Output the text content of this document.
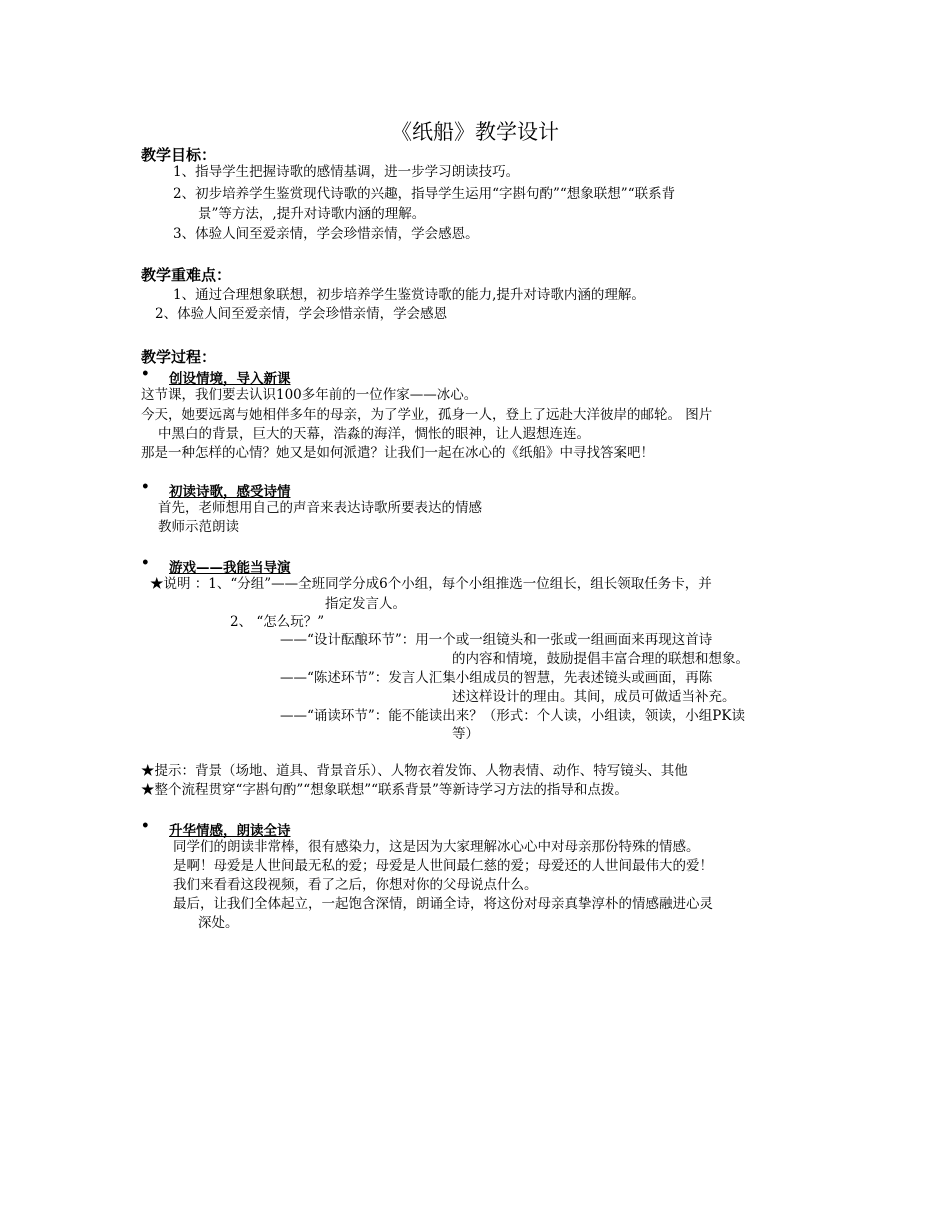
《纸船》教学设计
教学目标：
1、指导学生把握诗歌的感情基调，进一步学习朗读技巧。
2、初步培养学生鉴赏现代诗歌的兴趣，指导学生运用“字斟句酌”“想象联想”“联系背
景”等方法，,提升对诗歌内涵的理解。
3、体验人间至爱亲情，学会珍惜亲情，学会感恩。
教学重难点：
1、通过合理想象联想，初步培养学生鉴赏诗歌的能力,提升对诗歌内涵的理解。
2、体验人间至爱亲情，学会珍惜亲情，学会感恩
教学过程：
• 创设情境，导入新课
这节课，我们要去认识100多年前的一位作家——冰心。
今天，她要远离与她相伴多年的母亲，为了学业，孤身一人，登上了远赴大洋彼岸的邮轮。 图片
中黑白的背景，巨大的天幕，浩淼的海洋，惆怅的眼神，让人遐想连连。
那是一种怎样的心情？她又是如何派遣？让我们一起在冰心的《纸船》中寻找答案吧！
• 初读诗歌，感受诗情
首先，老师想用自己的声音来表达诗歌所要表达的情感
教师示范朗读
• 游戏——我能当导演
★说明 ：1、“分组”——全班同学分成6个小组，每个小组推选一位组长，组长领取任务卡，并
指定发言人。
2、 “怎么玩？”
——“设计酝酿环节”：用一个或一组镜头和一张或一组画面来再现这首诗
的内容和情境，鼓励提倡丰富合理的联想和想象。
——“陈述环节”：发言人汇集小组成员的智慧，先表述镜头或画面，再陈
述这样设计的理由。其间，成员可做适当补充。
——“诵读环节”：能不能读出来？（形式：个人读，小组读，领读，小组PK读
等）
★提示：背景（场地、道具、背景音乐）、人物衣着发饰、人物表情、动作、特写镜头、其他
★整个流程贯穿“字斟句酌”“想象联想”“联系背景”等新诗学习方法的指导和点拨。
• 升华情感，朗读全诗
同学们的朗读非常棒，很有感染力，这是因为大家理解冰心心中对母亲那份特殊的情感。
是啊！母爱是人世间最无私的爱；母爱是人世间最仁慈的爱；母爱还的人世间最伟大的爱！
我们来看看这段视频，看了之后，你想对你的父母说点什么。
最后，让我们全体起立，一起饱含深情，朗诵全诗，将这份对母亲真挚淳朴的情感融进心灵
深处。
